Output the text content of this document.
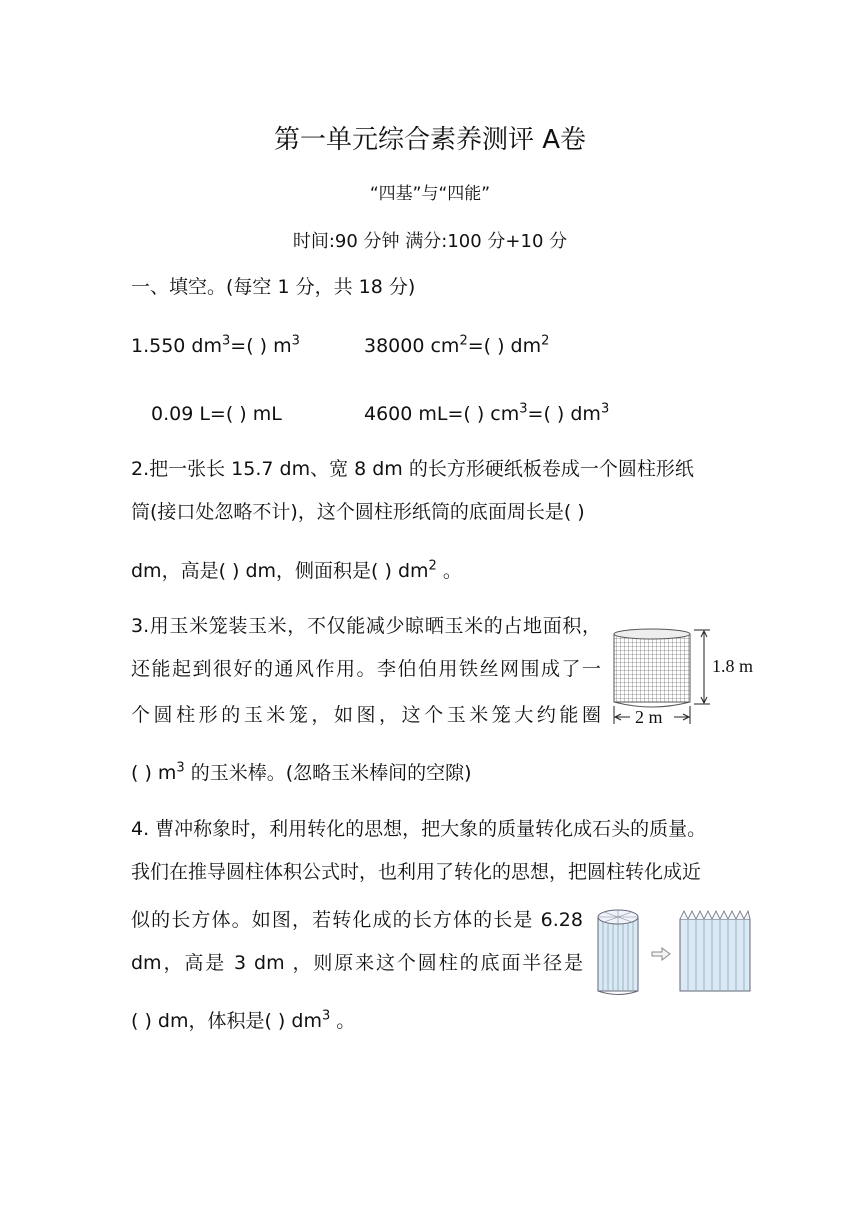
第一单元综合素养测评 A卷
“四基”与“四能”
时间:90 分钟 满分:100 分+10 分
一、填空。(每空 1 分，共 18 分)
1.550 $dm^3=$( ) $m^3$	38000 $cm^2=$( ) $dm^2$
0.09 L=( ) mL	4600 mL=( ) $cm^3=$( ) $dm^3$
2.把一张长 15.7 dm、宽 8 dm 的长方形硬纸板卷成一个圆柱形纸
筒(接口处忽略不计)，这个圆柱形纸筒的底面周长是( )
dm，高是( ) dm，侧面积是( ) $dm^2$ 。
3.用玉米笼装玉米，不仅能减少晾晒玉米的占地面积，
还能起到很好的通风作用。李伯伯用铁丝网围成了一
个圆柱形的玉米笼，如图，这个玉米笼大约能圈
( ) $m^3$ 的玉米棒。(忽略玉米棒间的空隙)
1.8 m
2 m
4. 曹冲称象时，利用转化的思想，把大象的质量转化成石头的质量。
我们在推导圆柱体积公式时，也利用了转化的思想，把圆柱转化成近
似的长方体。如图，若转化成的长方体的长是 6.28
dm，高是 3 dm ，则原来这个圆柱的底面半径是
( ) dm，体积是( ) $dm^3$ 。
